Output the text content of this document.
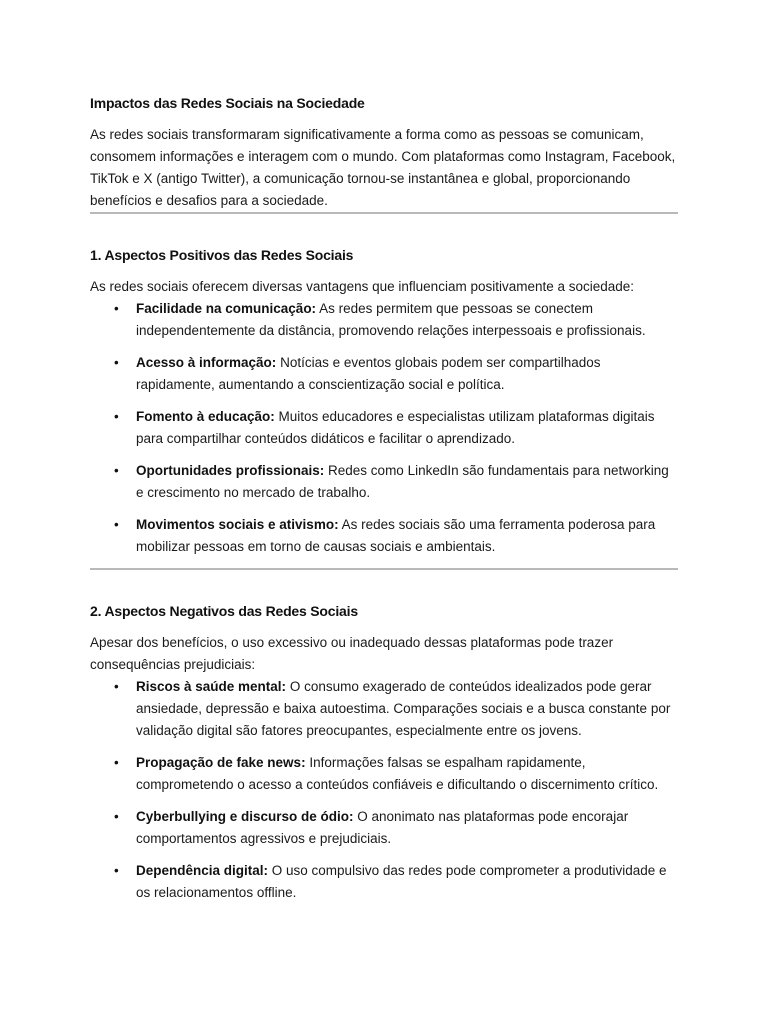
Impactos das Redes Sociais na Sociedade

As redes sociais transformaram significativamente a forma como as pessoas se comunicam, consomem informações e interagem com o mundo. Com plataformas como Instagram, Facebook, TikTok e X (antigo Twitter), a comunicação tornou-se instantânea e global, proporcionando benefícios e desafios para a sociedade.

1. Aspectos Positivos das Redes Sociais

As redes sociais oferecem diversas vantagens que influenciam positivamente a sociedade:

• Facilidade na comunicação: As redes permitem que pessoas se conectem independentemente da distância, promovendo relações interpessoais e profissionais.
• Acesso à informação: Notícias e eventos globais podem ser compartilhados rapidamente, aumentando a conscientização social e política.
• Fomento à educação: Muitos educadores e especialistas utilizam plataformas digitais para compartilhar conteúdos didáticos e facilitar o aprendizado.
• Oportunidades profissionais: Redes como LinkedIn são fundamentais para networking e crescimento no mercado de trabalho.
• Movimentos sociais e ativismo: As redes sociais são uma ferramenta poderosa para mobilizar pessoas em torno de causas sociais e ambientais.
2. Aspectos Negativos das Redes Sociais

Apesar dos benefícios, o uso excessivo ou inadequado dessas plataformas pode trazer consequências prejudiciais:

• Riscos à saúde mental: O consumo exagerado de conteúdos idealizados pode gerar ansiedade, depressão e baixa autoestima. Comparações sociais e a busca constante por validação digital são fatores preocupantes, especialmente entre os jovens.
• Propagação de fake news: Informações falsas se espalham rapidamente, comprometendo o acesso a conteúdos confiáveis e dificultando o discernimento crítico.
• Cyberbullying e discurso de ódio: O anonimato nas plataformas pode encorajar comportamentos agressivos e prejudiciais.
• Dependência digital: O uso compulsivo das redes pode comprometer a produtividade e os relacionamentos offline.
